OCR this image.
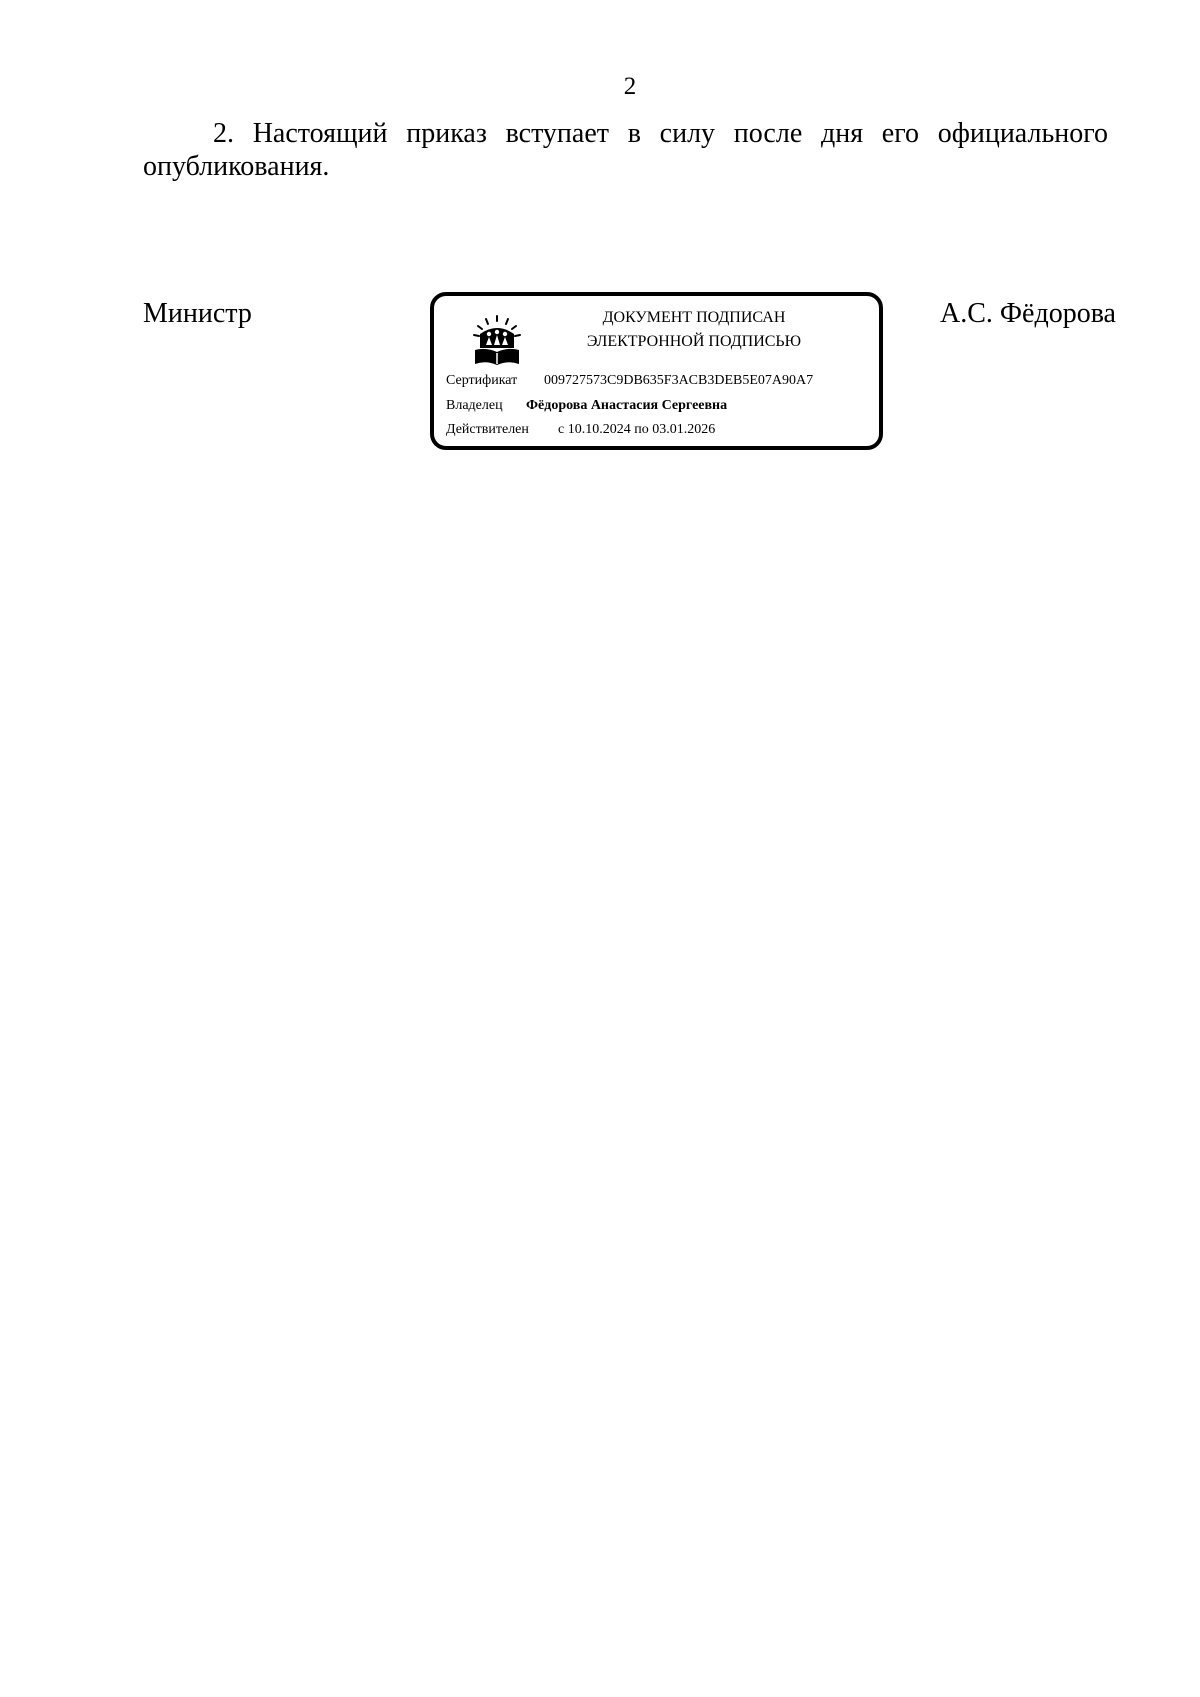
2

2. Настоящий приказ вступает в силу после дня его официального опубликования.

Министр	ДОКУМЕНТ ПОДПИСАН
ЭЛЕКТРОННОЙ ПОДПИСЬЮ
Сертификат 009727573C9DB635F3ACB3DEB5E07A90A7
Владелец Фёдорова Анастасия Сергеевна
Действителен с 10.10.2024 по 03.01.2026
А.С. Фёдорова
